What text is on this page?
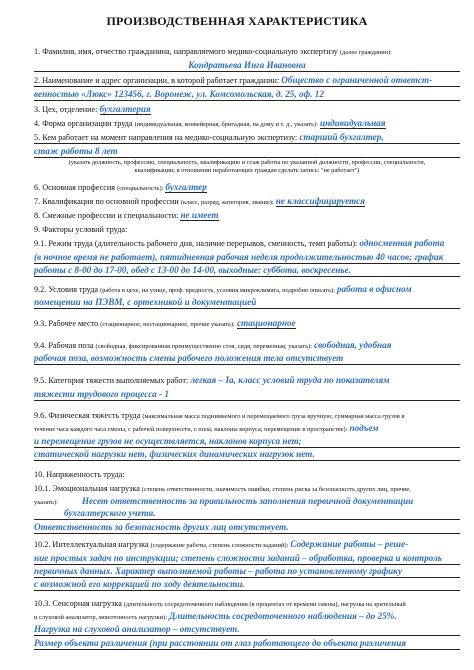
ПРОИЗВОДСТВЕННАЯ ХАРАКТЕРИСТИКА
1. Фамилия, имя, отчество гражданина, направляемого медико-социальную экспертизу (далее гражданин):
Кондратьева Инга Ивановна
2. Наименование и адрес организации, в которой работает гражданин: Общество с ограниченной ответст-
венностью «Люкс» 123456, г. Воронеж, ул. Комсомольская, д. 25, оф. 12
3. Цех, отделение: бухгалтерия
4. Форма организации труда (индивидуальная, конвейерная, бригадная, на дому и т. д., указать): индивидуальная
5. Кем работает на момент направления на медико-социальную экспертизу: старший бухгалтер,
стаж работы 8 лет
(указать должность, профессию, специальность, квалификацию и стаж работы по указанной должности, профессии, специальности,
квалификации; в отношении неработающих граждан сделать запись: "не работает")
6. Основная профессия (специальность): бухгалтер
7. Квалификация по основной профессии (класс, разряд, категория, звание): не классифицируется
8. Смежные профессии и специальности: не имеет
9. Факторы условий труда:
9.1. Режим труда (длительность рабочего дня, наличие перерывов, сменность, темп работы): односменная работа
(в ночное время не работает), пятидневная рабочая неделя продолжительностью 40 часов; график
работы с 8-00 до 17-00, обед с 13-00 до 14-00, выходные: суббота, воскресенье.
9.2. Условия труда (работа в цехе, на улице, проф. вредность, условия микроклимата, подробно описать): работа в офисном
помещении на ПЭВМ, с ортехникой и документацией
9.3. Рабочее место (стационарное, нестационарное, прочие указать): стационарное
9.4. Рабочая поза (свободная, фиксированная преимущественно стоя, сидя, переменная, указать): свободная, удобная
рабочая поза, возможность смены рабочего положения тела отсутствует
9.5. Категория тяжести выполняемых работ: легкая – Iа, класс условий труда по показателям
тяжести трудового процесса - 1
9.6. Физическая тяжесть труда (максимальная масса поднимаемого и перемещаемого груза вручную; суммарная масса грузов в
течение часа каждого часа смены, с рабочей поверхности, с пола; наклоны корпуса; перемещение в пространстве): подъем
и перемещение грузов не осуществляется, наклонов корпуса нет;
статической нагрузки нет, физических динамических нагрузок нет.
10. Напряженность труда:
10.1. Эмоциональная нагрузка (степень ответственности, значимость ошибки, степень риска за безопасность других лиц, прочие,
указать):	Несет ответственность за правильность заполнения первичной документации
бухгалтерского учета.
Ответственность за безопасность других лиц отсутствует.
10.2. Интеллектуальная нагрузка (содержание работы, степень сложности заданий): Содержание работы – реше-
ние простых задач по инструкции; степень сложности заданий – обработка, проверка и контроль
первичных данных. Характер выполняемой работы – работа по установленному графику
с возможной его коррекцией по ходу деятельности.
10.3. Сенсорная нагрузка (длительность сосредоточенного наблюдения (в процентах от времени смены), нагрузка на зрительный
и слуховой анализатор, монотонность нагрузки): Длительность сосредоточенного наблюдения – до 25%.
Нагрузка на слуховой анализатор – отсутствует.
Размер объекта различения (при расстоянии от глаз работающего до объекта различения
